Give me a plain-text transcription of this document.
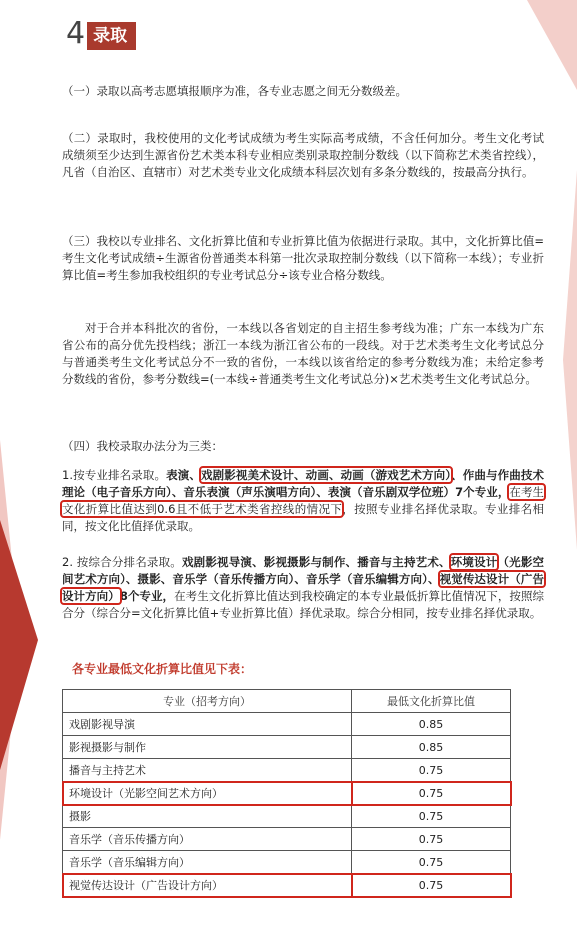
4 录取
（一）录取以高考志愿填报顺序为准，各专业志愿之间无分数级差。
（二）录取时，我校使用的文化考试成绩为考生实际高考成绩，不含任何加分。考生文化考试成绩须至少达到生源省份艺术类本科专业相应类别录取控制分数线（以下简称艺术类省控线），凡省（自治区、直辖市）对艺术类专业文化成绩本科层次划有多条分数线的，按最高分执行。
（三）我校以专业排名、文化折算比值和专业折算比值为依据进行录取。其中，文化折算比值=考生文化考试成绩÷生源省份普通类本科第一批次录取控制分数线（以下简称一本线）；专业折算比值=考生参加我校组织的专业考试总分÷该专业合格分数线。
对于合并本科批次的省份，一本线以各省划定的自主招生参考线为准；广东一本线为广东省公布的高分优先投档线；浙江一本线为浙江省公布的一段线。对于艺术类考生文化考试总分与普通类考生文化考试总分不一致的省份，一本线以该省给定的参考分数线为准；未给定参考分数线的省份，参考分数线=(一本线÷普通类考生文化考试总分)×艺术类考生文化考试总分。
（四）我校录取办法分为三类：
1.按专业排名录取。表演、戏剧影视美术设计、动画、动画（游戏艺术方向）、作曲与作曲技术理论（电子音乐方向）、音乐表演（声乐演唱方向）、表演（音乐剧双学位班）7个专业，在考生文化折算比值达到0.6且不低于艺术类省控线的情况下，按照专业排名择优录取。专业排名相同，按文化比值择优录取。
2. 按综合分排名录取。戏剧影视导演、影视摄影与制作、播音与主持艺术、环境设计（光影空间艺术方向）、摄影、音乐学（音乐传播方向）、音乐学（音乐编辑方向）、视觉传达设计（广告设计方向）8个专业，在考生文化折算比值达到我校确定的本专业最低折算比值情况下，按照综合分（综合分=文化折算比值+专业折算比值）择优录取。综合分相同，按专业排名择优录取。
各专业最低文化折算比值见下表：
专业（招考方向）	最低文化折算比值
戏剧影视导演	0.85
影视摄影与制作	0.85
播音与主持艺术	0.75
环境设计（光影空间艺术方向）	0.75
摄影	0.75
音乐学（音乐传播方向）	0.75
音乐学（音乐编辑方向）	0.75
视觉传达设计（广告设计方向）	0.75
